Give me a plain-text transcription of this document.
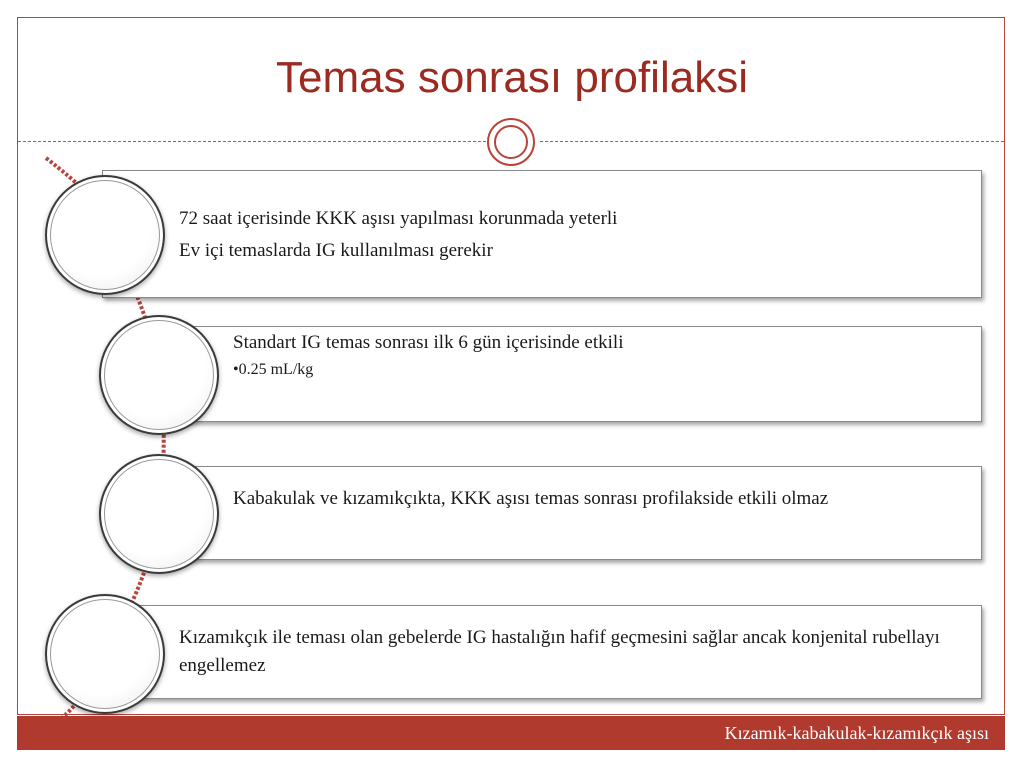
Temas sonrası profilaksi
72 saat içerisinde KKK aşısı yapılması korunmada yeterli
Ev içi temaslarda IG kullanılması gerekir
Standart IG temas sonrası ilk 6 gün içerisinde etkili
•0.25 mL/kg
Kabakulak ve kızamıkçıkta, KKK aşısı temas sonrası profilakside etkili olmaz
Kızamıkçık ile teması olan gebelerde IG hastalığın hafif geçmesini sağlar ancak konjenital rubellayı engellemez
Kızamık-kabakulak-kızamıkçık aşısı
